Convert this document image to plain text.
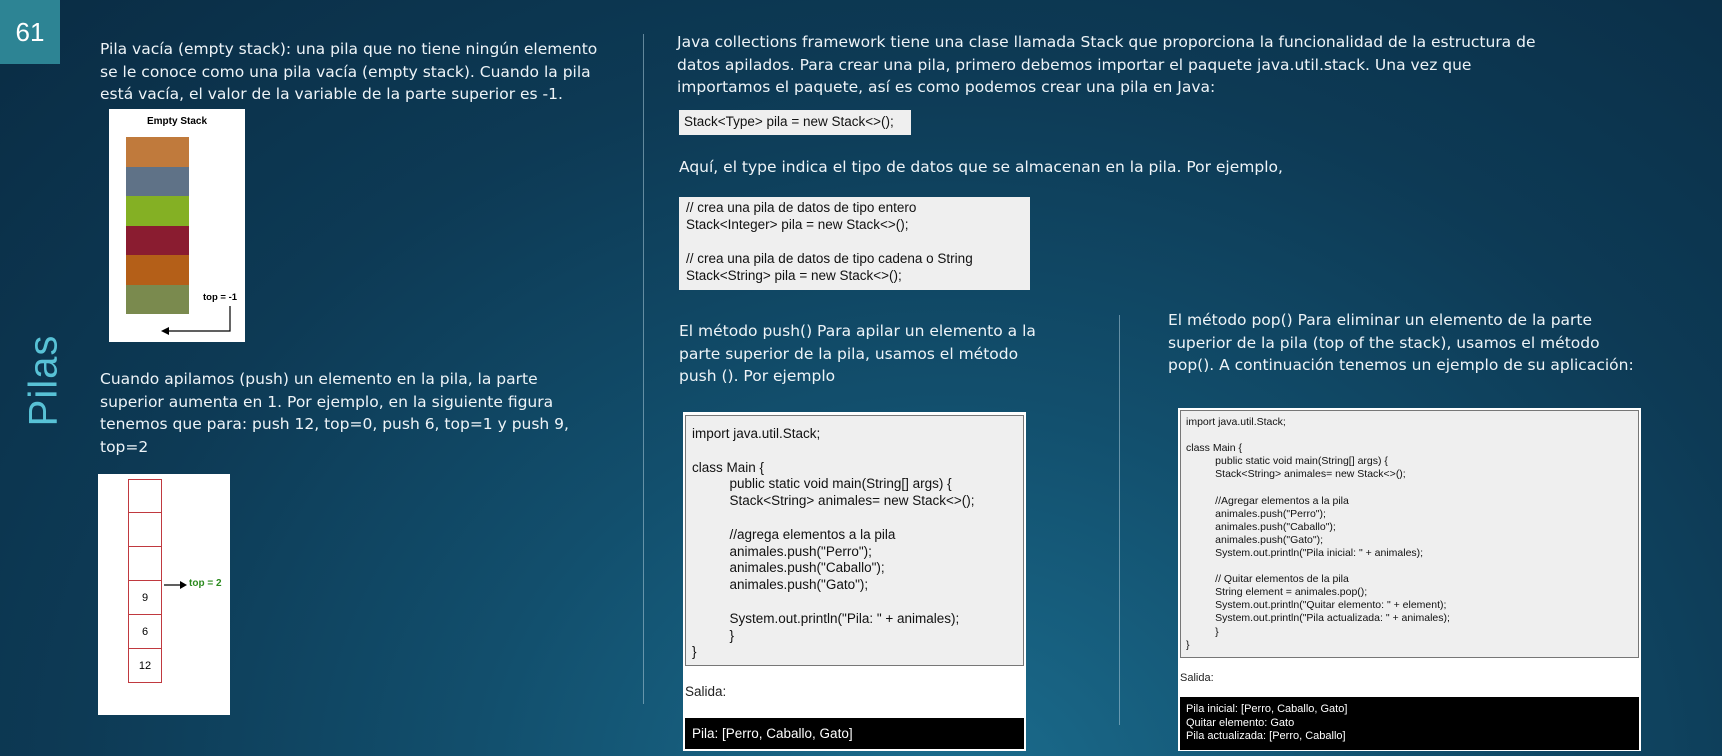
61
Pilas
Pila vacía (empty stack): una pila que no tiene ningún elemento se le conoce como una pila vacía (empty stack). Cuando la pila está vacía, el valor de la variable de la parte superior es -1.
Empty Stack
top = -1
Cuando apilamos (push) un elemento en la pila, la parte superior aumenta en 1. Por ejemplo, en la siguiente figura tenemos que para: push 12, top=0, push 6, top=1 y push 9, top=2
9
6
12
top = 2
Java collections framework tiene una clase llamada Stack que proporciona la funcionalidad de la estructura de datos apilados. Para crear una pila, primero debemos importar el paquete java.util.stack. Una vez que importamos el paquete, así es como podemos crear una pila en Java:
Stack<Type> pila = new Stack<>();
Aquí, el type indica el tipo de datos que se almacenan en la pila. Por ejemplo,
// crea una pila de datos de tipo entero
Stack<Integer> pila = new Stack<>();

// crea una pila de datos de tipo cadena o String
Stack<String> pila = new Stack<>();
El método push() Para apilar un elemento a la parte superior de la pila, usamos el método push (). Por ejemplo
import java.util.Stack;

class Main {
public static void main(String[] args) {
Stack<String> animales= new Stack<>();

//agrega elementos a la pila
animales.push("Perro");
animales.push("Caballo");
animales.push("Gato");

System.out.println("Pila: " + animales);
}
}
Salida:
Pila: [Perro, Caballo, Gato]
El método pop() Para eliminar un elemento de la parte superior de la pila (top of the stack), usamos el método pop(). A continuación tenemos un ejemplo de su aplicación:
import java.util.Stack;

class Main {
public static void main(String[] args) {
Stack<String> animales= new Stack<>();

//Agregar elementos a la pila
animales.push("Perro");
animales.push("Caballo");
animales.push("Gato");
System.out.println("Pila inicial: " + animales);

// Quitar elementos de la pila
String element = animales.pop();
System.out.println("Quitar elemento: " + element);
System.out.println("Pila actualizada: " + animales);
}
}
Salida:
Pila inicial: [Perro, Caballo, Gato]
Quitar elemento: Gato
Pila actualizada: [Perro, Caballo]
